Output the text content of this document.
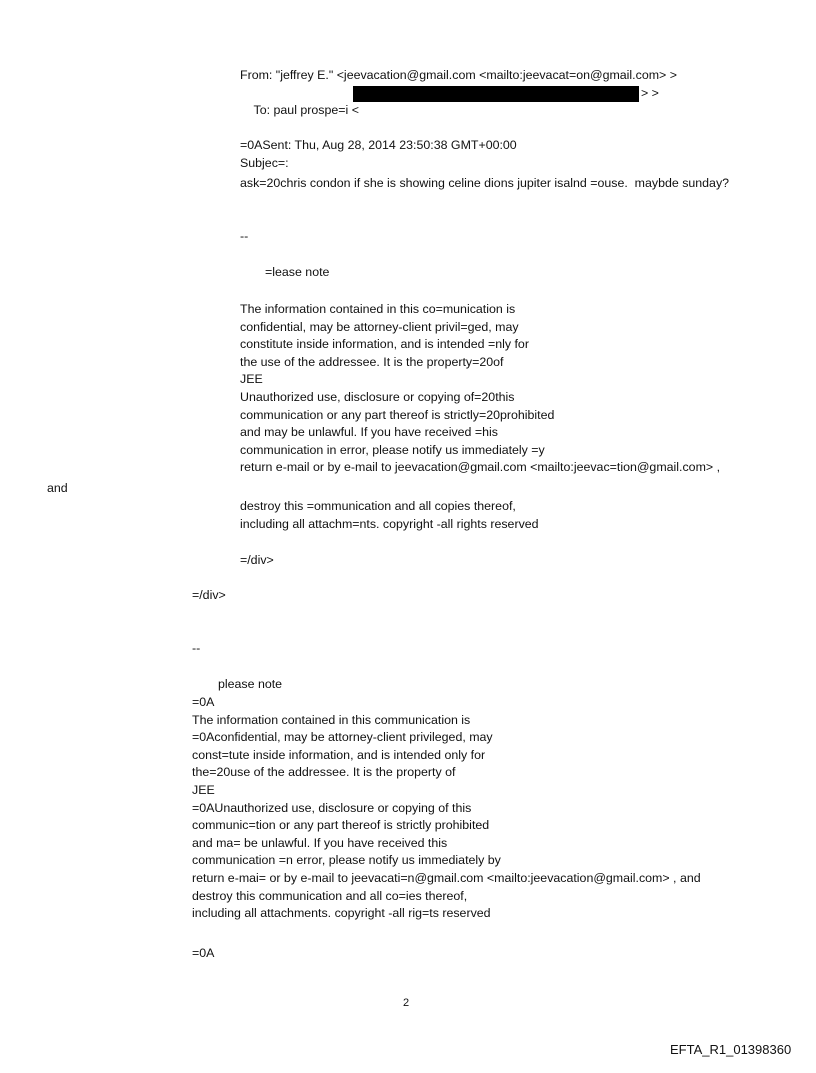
From: "jeffrey E." <jeevacation@gmail.com <mailto:jeevacat=on@gmail.com> >

To: paul prospe=i <
> >

=0ASent: Thu, Aug 28, 2014 23:50:38 GMT+00:00
Subjec=:
ask=20chris condon if she is showing celine dions jupiter isalnd =ouse.  maybde sunday?
--
=lease note
The information contained in this co=munication is
confidential, may be attorney-client privil=ged, may
constitute inside information, and is intended =nly for
the use of the addressee. It is the property=20of
JEE
Unauthorized use, disclosure or copying of=20this
communication or any part thereof is strictly=20prohibited
and may be unlawful. If you have received =his
communication in error, please notify us immediately =y
return e-mail or by e-mail to jeevacation@gmail.com <mailto:jeevac=tion@gmail.com> ,
and
destroy this =ommunication and all copies thereof,
including all attachm=nts. copyright -all rights reserved
=/div>
=/div>
--
please note
=0A
The information contained in this communication is
=0Aconfidential, may be attorney-client privileged, may
const=tute inside information, and is intended only for
the=20use of the addressee. It is the property of
JEE
=0AUnauthorized use, disclosure or copying of this
communic=tion or any part thereof is strictly prohibited
and ma= be unlawful. If you have received this
communication =n error, please notify us immediately by
return e-mai= or by e-mail to jeevacati=n@gmail.com <mailto:jeevacation@gmail.com> , and
destroy this communication and all co=ies thereof,
including all attachments. copyright -all rig=ts reserved
=0A
2
EFTA_R1_01398360
